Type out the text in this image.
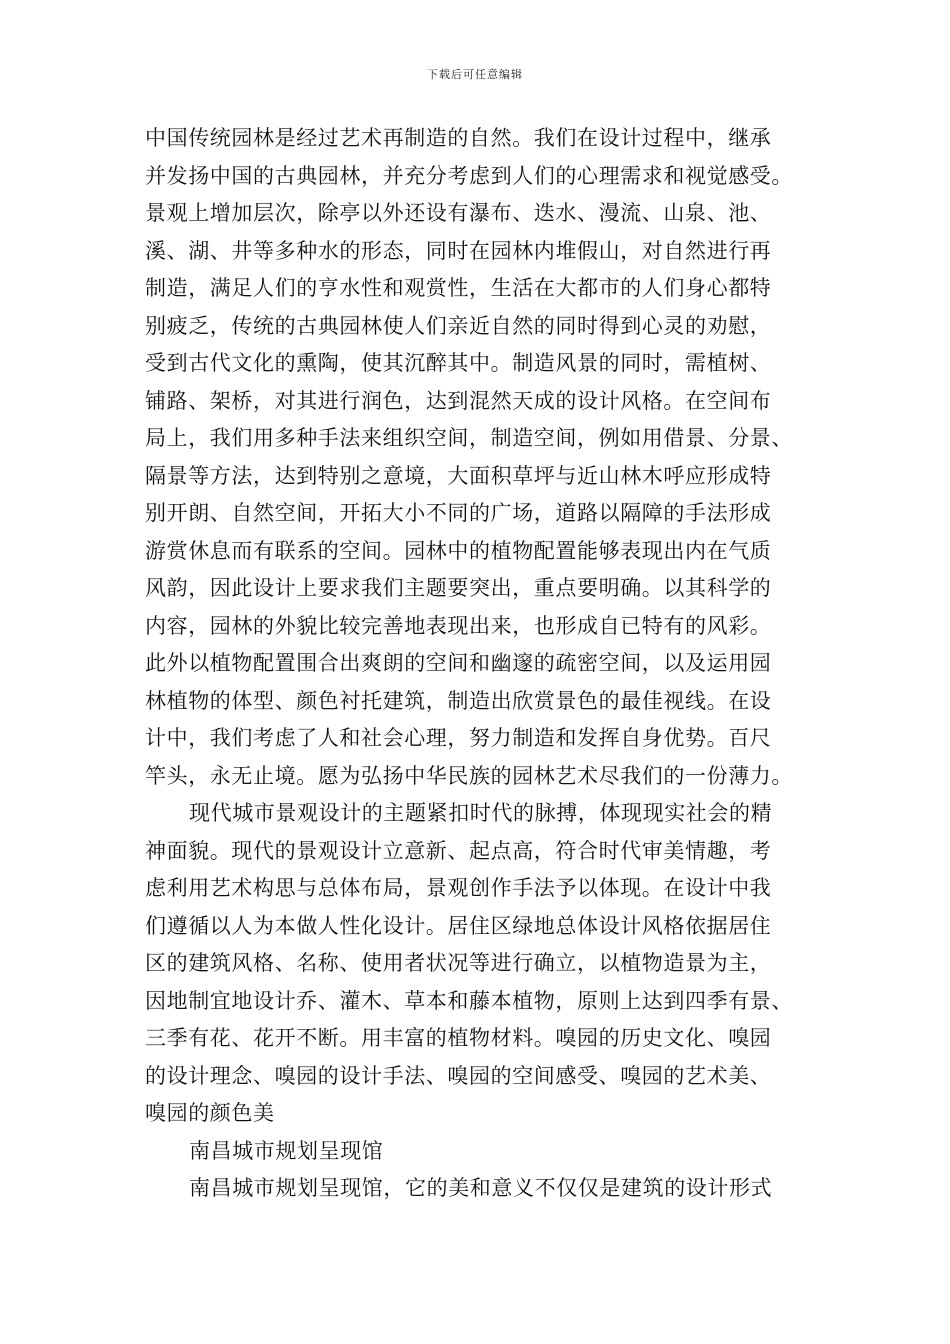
下载后可任意编辑
中国传统园林是经过艺术再制造的自然。我们在设计过程中，继承
并发扬中国的古典园林，并充分考虑到人们的心理需求和视觉感受。
景观上增加层次，除亭以外还设有瀑布、迭水、漫流、山泉、池、
溪、湖、井等多种水的形态，同时在园林内堆假山，对自然进行再
制造，满足人们的亨水性和观赏性，生活在大都市的人们身心都特
别疲乏，传统的古典园林使人们亲近自然的同时得到心灵的劝慰，
受到古代文化的熏陶，使其沉醉其中。制造风景的同时，需植树、
铺路、架桥，对其进行润色，达到混然天成的设计风格。在空间布
局上，我们用多种手法来组织空间，制造空间，例如用借景、分景、
隔景等方法，达到特别之意境，大面积草坪与近山林木呼应形成特
别开朗、自然空间，开拓大小不同的广场，道路以隔障的手法形成
游赏休息而有联系的空间。园林中的植物配置能够表现出内在气质
风韵，因此设计上要求我们主题要突出，重点要明确。以其科学的
内容，园林的外貌比较完善地表现出来，也形成自已特有的风彩。
此外以植物配置围合出爽朗的空间和幽邃的疏密空间，以及运用园
林植物的体型、颜色衬托建筑，制造出欣赏景色的最佳视线。在设
计中，我们考虑了人和社会心理，努力制造和发挥自身优势。百尺
竿头，永无止境。愿为弘扬中华民族的园林艺术尽我们的一份薄力。
现代城市景观设计的主题紧扣时代的脉搏，体现现实社会的精
神面貌。现代的景观设计立意新、起点高，符合时代审美情趣，考
虑利用艺术构思与总体布局，景观创作手法予以体现。在设计中我
们遵循以人为本做人性化设计。居住区绿地总体设计风格依据居住
区的建筑风格、名称、使用者状况等进行确立，以植物造景为主，
因地制宜地设计乔、灌木、草本和藤本植物，原则上达到四季有景、
三季有花、花开不断。用丰富的植物材料。嗅园的历史文化、嗅园
的设计理念、嗅园的设计手法、嗅园的空间感受、嗅园的艺术美、
嗅园的颜色美
南昌城市规划呈现馆
南昌城市规划呈现馆，它的美和意义不仅仅是建筑的设计形式
